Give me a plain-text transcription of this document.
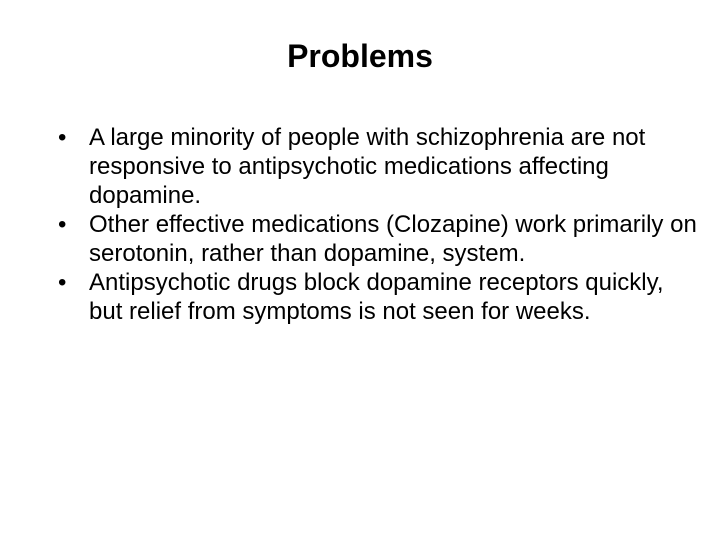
Problems
• A large minority of people with schizophrenia are not responsive to antipsychotic medications affecting dopamine.
• Other effective medications (Clozapine) work primarily on serotonin, rather than dopamine, system.
• Antipsychotic drugs block dopamine receptors quickly, but relief from symptoms is not seen for weeks.
